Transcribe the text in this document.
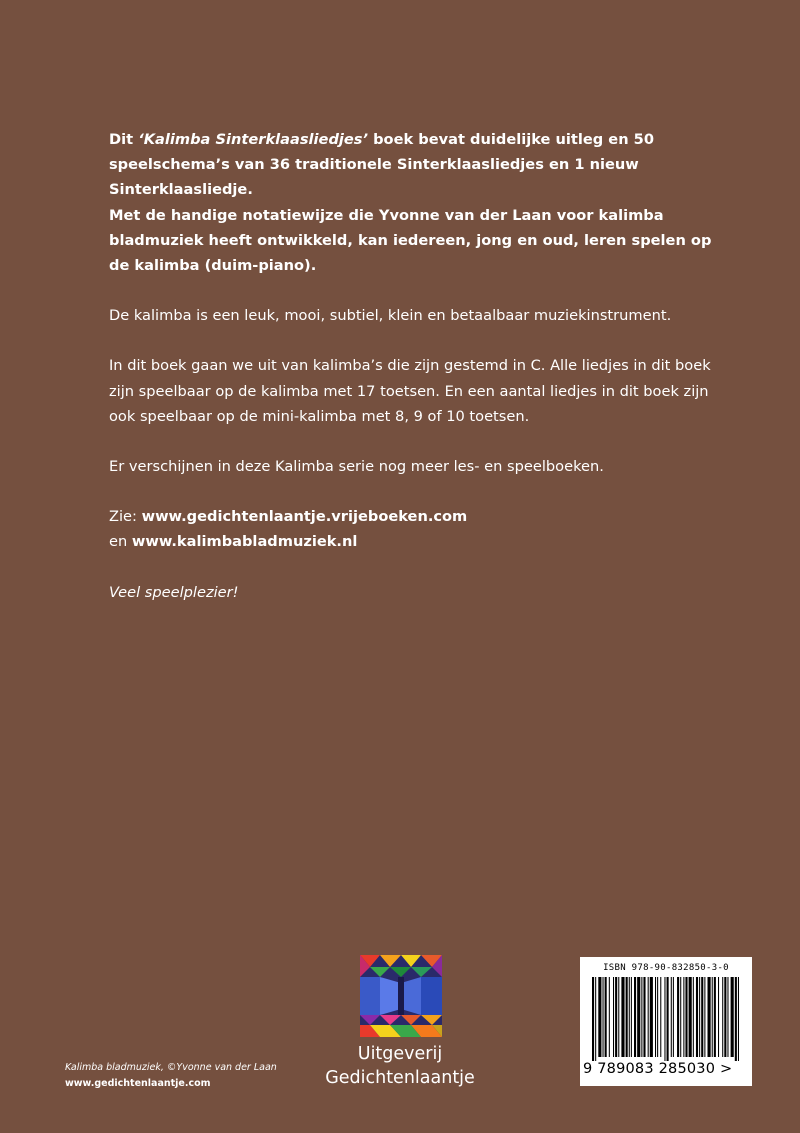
Dit ‘Kalimba Sinterklaasliedjes’ boek bevat duidelijke uitleg en 50 speelschema’s van 36 traditionele Sinterklaasliedjes en 1 nieuw Sinterklaasliedje.
Met de handige notatiewijze die Yvonne van der Laan voor kalimba bladmuziek heeft ontwikkeld, kan iedereen, jong en oud, leren spelen op de kalimba (duim-piano).

De kalimba is een leuk, mooi, subtiel, klein en betaalbaar muziekinstrument.

In dit boek gaan we uit van kalimba’s die zijn gestemd in C. Alle liedjes in dit boek zijn speelbaar op de kalimba met 17 toetsen. En een aantal liedjes in dit boek zijn ook speelbaar op de mini-kalimba met 8, 9 of 10 toetsen.

Er verschijnen in deze Kalimba serie nog meer les- en speelboeken.

Zie: www.gedichtenlaantje.vrijeboeken.com
en www.kalimbabladmuziek.nl

Veel speelplezier!

Uitgeverij
Gedichtenlaantje
Kalimba bladmuziek, ©Yvonne van der Laan
www.gedichtenlaantje.com
ISBN 978-90-832850-3-0
9 789083 285030 >
